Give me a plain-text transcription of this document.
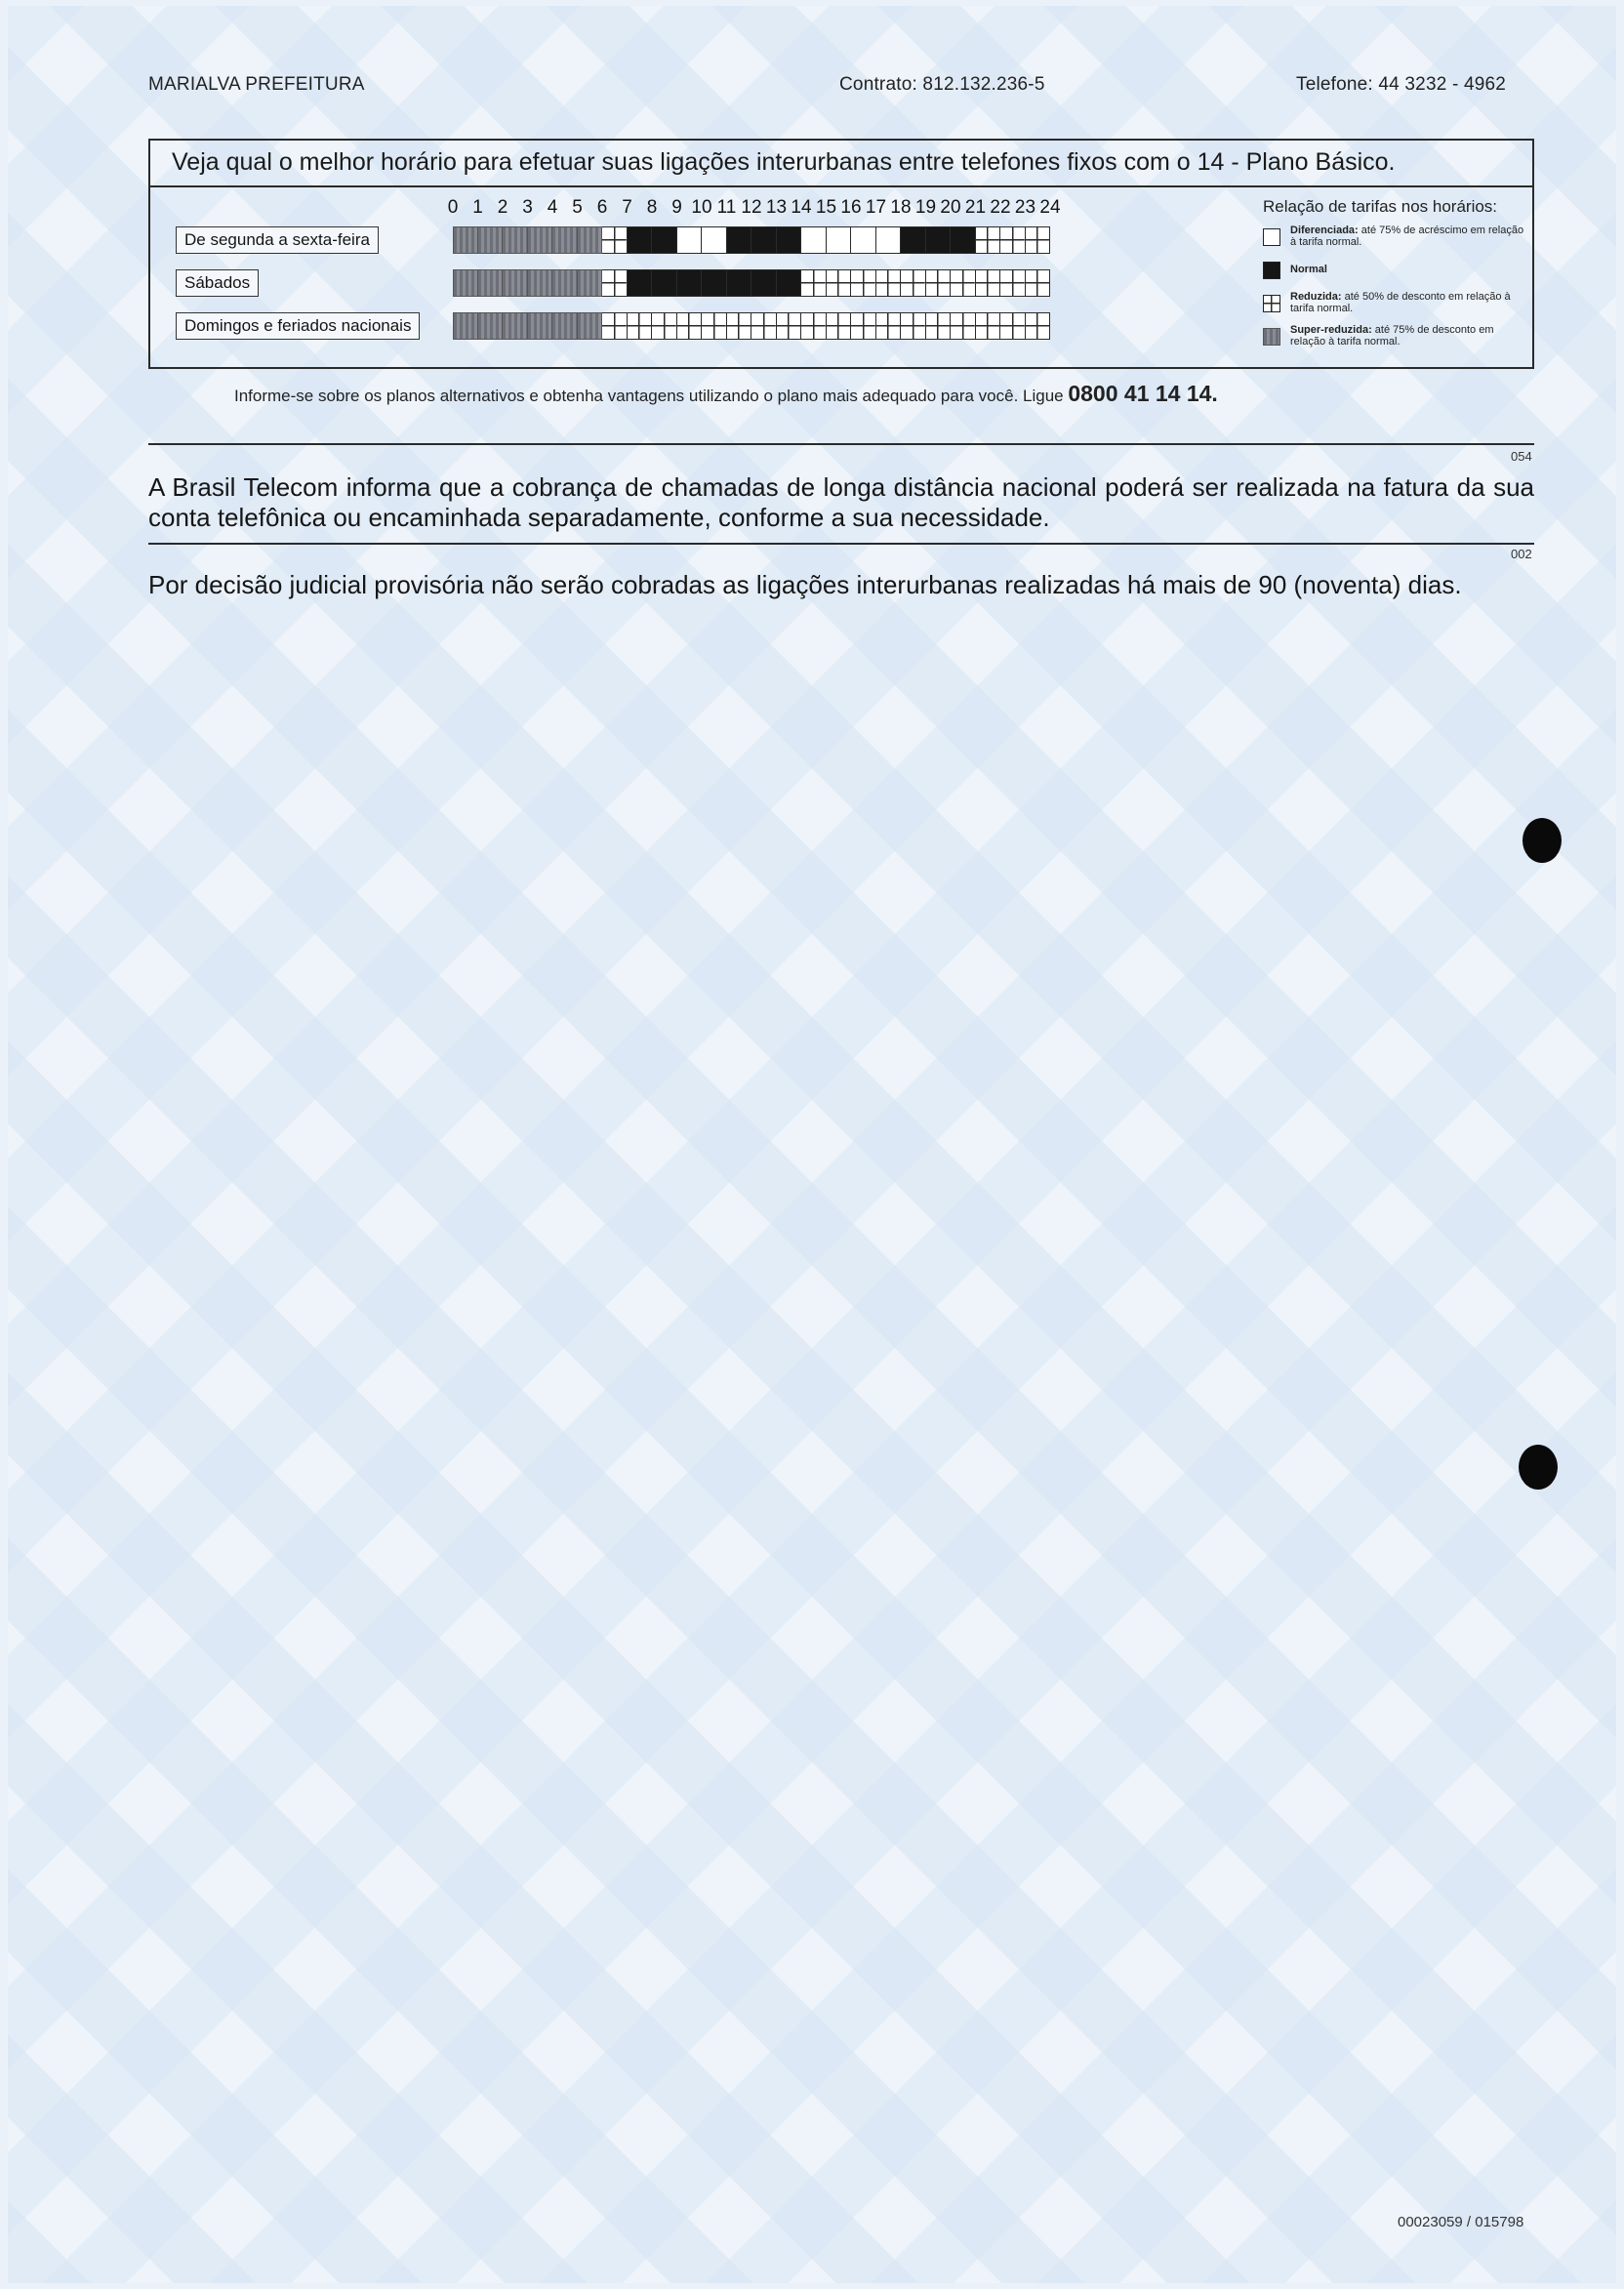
MARIALVA PREFEITURA	Contrato: 812.132.236-5	Telefone: 44 3232 - 4962
Veja qual o melhor horário para efetuar suas ligações interurbanas entre telefones fixos com o 14 - Plano Básico.
0 1 2 3 4 5 6 7 8 9 10 11 12 13 14 15 16 17 18 19 20 21 22 23 24
De segunda a sexta-feira
Sábados
Domingos e feriados nacionais
Relação de tarifas nos horários:
Diferenciada: até 75% de acréscimo em relação à tarifa normal.
Normal
Reduzida: até 50% de desconto em relação à tarifa normal.
Super-reduzida: até 75% de desconto em relação à tarifa normal.
Informe-se sobre os planos alternativos e obtenha vantagens utilizando o plano mais adequado para você. Ligue 0800 41 14 14.
054
A Brasil Telecom informa que a cobrança de chamadas de longa distância nacional poderá ser realizada na fatura da sua conta telefônica ou encaminhada separadamente, conforme a sua necessidade.
002
Por decisão judicial provisória não serão cobradas as ligações interurbanas realizadas há mais de 90 (noventa) dias.
00023059 / 015798
